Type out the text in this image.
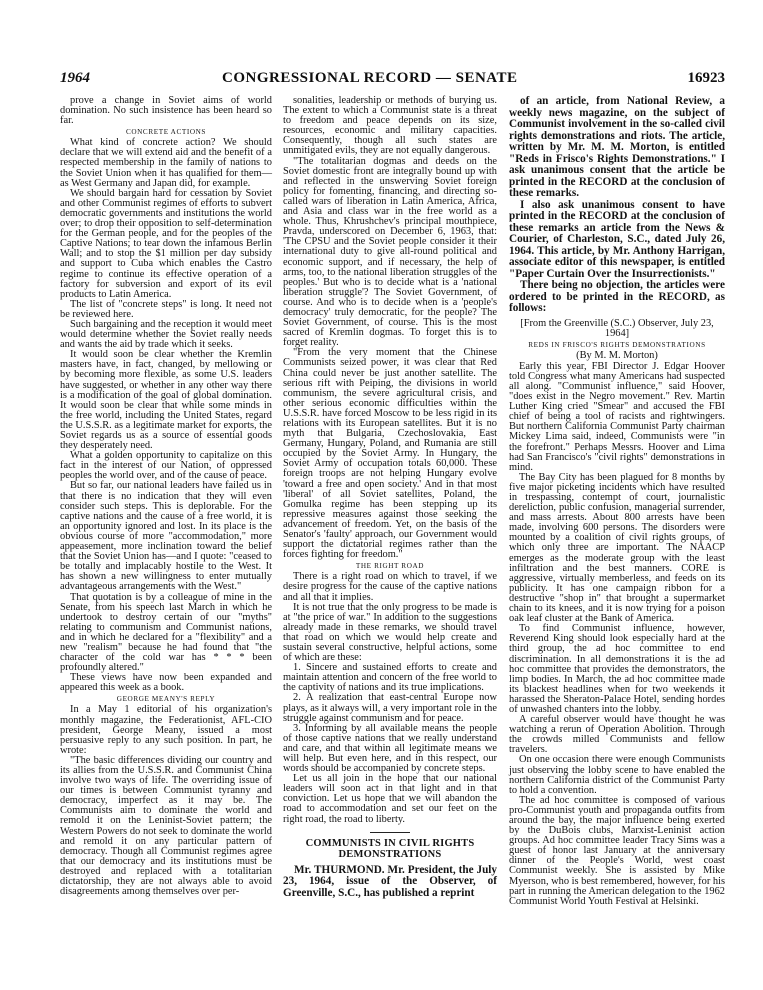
1964	CONGRESSIONAL RECORD — SENATE	16923

prove a change in Soviet aims of world domination. No such insistence has been heard so far.

CONCRETE ACTIONS

What kind of concrete action? We should declare that we will extend aid and the benefit of a respected membership in the family of nations to the Soviet Union when it has qualified for them—as West Germany and Japan did, for example.

We should bargain hard for cessation by Soviet and other Communist regimes of efforts to subvert democratic governments and institutions the world over; to drop their opposition to self-determination for the German people, and for the peoples of the Captive Nations; to tear down the infamous Berlin Wall; and to stop the $1 million per day subsidy and support to Cuba which enables the Castro regime to continue its effective operation of a factory for subversion and export of its evil products to Latin America.

The list of "concrete steps" is long. It need not be reviewed here.

Such bargaining and the reception it would meet would determine whether the Soviet really needs and wants the aid by trade which it seeks.

It would soon be clear whether the Kremlin masters have, in fact, changed, by mellowing or by becoming more flexible, as some U.S. leaders have suggested, or whether in any other way there is a modification of the goal of global domination. It would soon be clear that while some minds in the free world, including the United States, regard the U.S.S.R. as a legitimate market for exports, the Soviet regards us as a source of essential goods they desperately need.

What a golden opportunity to capitalize on this fact in the interest of our Nation, of oppressed peoples the world over, and of the cause of peace.

But so far, our national leaders have failed us in that there is no indication that they will even consider such steps. This is deplorable. For the captive nations and the cause of a free world, it is an opportunity ignored and lost. In its place is the obvious course of more "accommodation," more appeasement, more inclination toward the belief that the Soviet Union has—and I quote: "ceased to be totally and implacably hostile to the West. It has shown a new willingness to enter mutually advantageous arrangements with the West."

That quotation is by a colleague of mine in the Senate, from his speech last March in which he undertook to destroy certain of our "myths" relating to communism and Communist nations, and in which he declared for a "flexibility" and a new "realism" because he had found that "the character of the cold war has * * * been profoundly altered."

These views have now been expanded and appeared this week as a book.

GEORGE MEANY'S REPLY

In a May 1 editorial of his organization's monthly magazine, the Federationist, AFL-CIO president, George Meany, issued a most persuasive reply to any such position. In part, he wrote:

"The basic differences dividing our country and its allies from the U.S.S.R. and Communist China involve two ways of life. The overriding issue of our times is between Communist tyranny and democracy, imperfect as it may be. The Communists aim to dominate the world and remold it on the Leninist-Soviet pattern; the Western Powers do not seek to dominate the world and remold it on any particular pattern of democracy. Though all Communist regimes agree that our democracy and its institutions must be destroyed and replaced with a totalitarian dictatorship, they are not always able to avoid disagreements among themselves over per-

sonalities, leadership or methods of burying us. The extent to which a Communist state is a threat to freedom and peace depends on its size, resources, economic and military capacities. Consequently, though all such states are unmitigated evils, they are not equally dangerous.

"The totalitarian dogmas and deeds on the Soviet domestic front are integrally bound up with and reflected in the unswerving Soviet foreign policy for fomenting, financing, and directing so-called wars of liberation in Latin America, Africa, and Asia and class war in the free world as a whole. Thus, Khrushchev's principal mouthpiece, Pravda, underscored on December 6, 1963, that: 'The CPSU and the Soviet people consider it their international duty to give all-round political and economic support, and if necessary, the help of arms, too, to the national liberation struggles of the peoples.' But who is to decide what is a 'national liberation struggle'? The Soviet Government, of course. And who is to decide when is a 'people's democracy' truly democratic, for the people? The Soviet Government, of course. This is the most sacred of Kremlin dogmas. To forget this is to forget reality.

"From the very moment that the Chinese Communists seized power, it was clear that Red China could never be just another satellite. The serious rift with Peiping, the divisions in world communism, the severe agricultural crisis, and other serious economic difficulties within the U.S.S.R. have forced Moscow to be less rigid in its relations with its European satellites. But it is no myth that Bulgaria, Czechoslovakia, East Germany, Hungary, Poland, and Rumania are still occupied by the Soviet Army. In Hungary, the Soviet Army of occupation totals 60,000. These foreign troops are not helping Hungary evolve 'toward a free and open society.' And in that most 'liberal' of all Soviet satellites, Poland, the Gomulka regime has been stepping up its repressive measures against those seeking the advancement of freedom. Yet, on the basis of the Senator's 'faulty' approach, our Government would support the dictatorial regimes rather than the forces fighting for freedom."

THE RIGHT ROAD

There is a right road on which to travel, if we desire progress for the cause of the captive nations and all that it implies.

It is not true that the only progress to be made is at "the price of war." In addition to the suggestions already made in these remarks, we should travel that road on which we would help create and sustain several constructive, helpful actions, some of which are these:

1. Sincere and sustained efforts to create and maintain attention and concern of the free world to the captivity of nations and its true implications.

2. A realization that east-central Europe now plays, as it always will, a very important role in the struggle against communism and for peace.

3. Informing by all available means the people of those captive nations that we really understand and care, and that within all legitimate means we will help. But even here, and in this respect, our words should be accompanied by concrete steps.

Let us all join in the hope that our national leaders will soon act in that light and in that conviction. Let us hope that we will abandon the road to accommodation and set our feet on the right road, the road to liberty.

COMMUNISTS IN CIVIL RIGHTS DEMONSTRATIONS

Mr. THURMOND. Mr. President, the July 23, 1964, issue of the Observer, of Greenville, S.C., has published a reprint

of an article, from National Review, a weekly news magazine, on the subject of Communist involvement in the so-called civil rights demonstrations and riots. The article, written by Mr. M. M. Morton, is entitled "Reds in Frisco's Rights Demonstrations." I ask unanimous consent that the article be printed in the RECORD at the conclusion of these remarks.

I also ask unanimous consent to have printed in the RECORD at the conclusion of these remarks an article from the News & Courier, of Charleston, S.C., dated July 26, 1964. This article, by Mr. Anthony Harrigan, associate editor of this newspaper, is entitled "Paper Curtain Over the Insurrectionists."

There being no objection, the articles were ordered to be printed in the RECORD, as follows:

[From the Greenville (S.C.) Observer, July 23, 1964]

REDS IN FRISCO'S RIGHTS DEMONSTRATIONS

(By M. M. Morton)

Early this year, FBI Director J. Edgar Hoover told Congress what many Americans had suspected all along. "Communist influence," said Hoover, "does exist in the Negro movement." Rev. Martin Luther King cried "Smear" and accused the FBI chief of being a tool of racists and rightwingers. But northern California Communist Party chairman Mickey Lima said, indeed, Communists were "in the forefront." Perhaps Messrs. Hoover and Lima had San Francisco's "civil rights" demonstrations in mind.

The Bay City has been plagued for 8 months by five major picketing incidents which have resulted in trespassing, contempt of court, journalistic dereliction, public confusion, managerial surrender, and mass arrests. About 800 arrests have been made, involving 600 persons. The disorders were mounted by a coalition of civil rights groups, of which only three are important. The NAACP emerges as the moderate group with the least infiltration and the best manners. CORE is aggressive, virtually memberless, and feeds on its publicity. It has one campaign ribbon for a destructive "shop in" that brought a supermarket chain to its knees, and it is now trying for a poison oak leaf cluster at the Bank of America.

To find Communist influence, however, Reverend King should look especially hard at the third group, the ad hoc committee to end discrimination. In all demonstrations it is the ad hoc committee that provides the demonstrators, the limp bodies. In March, the ad hoc committee made its blackest headlines when for two weekends it harassed the Sheraton-Palace Hotel, sending hordes of unwashed chanters into the lobby.

A careful observer would have thought he was watching a rerun of Operation Abolition. Through the crowds milled Communists and fellow travelers.

On one occasion there were enough Communists just observing the lobby scene to have enabled the northern California district of the Communist Party to hold a convention.

The ad hoc committee is composed of various pro-Communist youth and propaganda outfits from around the bay, the major influence being exerted by the DuBois clubs, Marxist-Leninist action groups. Ad hoc committee leader Tracy Sims was a guest of honor last January at the anniversary dinner of the People's World, west coast Communist weekly. She is assisted by Mike Myerson, who is best remembered, however, for his part in running the American delegation to the 1962 Communist World Youth Festival at Helsinki.
